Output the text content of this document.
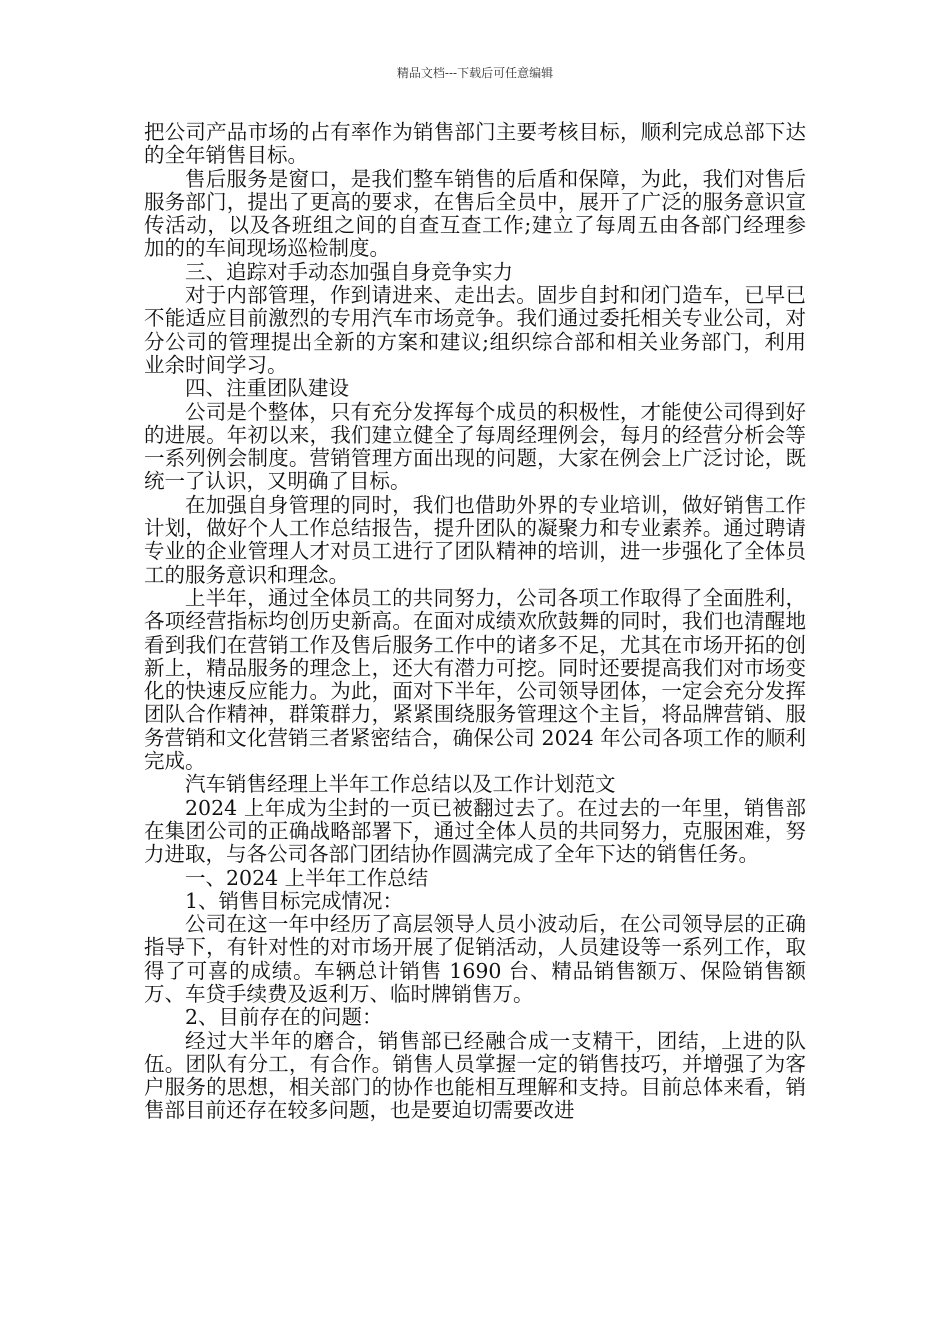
精品文档---下载后可任意编辑

把公司产品市场的占有率作为销售部门主要考核目标，顺利完成总部下达的全年销售目标。

售后服务是窗口，是我们整车销售的后盾和保障，为此，我们对售后服务部门，提出了更高的要求，在售后全员中，展开了广泛的服务意识宣传活动，以及各班组之间的自查互查工作;建立了每周五由各部门经理参加的的车间现场巡检制度。

三、追踪对手动态加强自身竞争实力

对于内部管理，作到请进来、走出去。固步自封和闭门造车，已早已不能适应目前激烈的专用汽车市场竞争。我们通过委托相关专业公司，对分公司的管理提出全新的方案和建议;组织综合部和相关业务部门，利用业余时间学习。

四、注重团队建设

公司是个整体，只有充分发挥每个成员的积极性，才能使公司得到好的进展。年初以来，我们建立健全了每周经理例会，每月的经营分析会等一系列例会制度。营销管理方面出现的问题，大家在例会上广泛讨论，既统一了认识，又明确了目标。

在加强自身管理的同时，我们也借助外界的专业培训，做好销售工作计划，做好个人工作总结报告，提升团队的凝聚力和专业素养。通过聘请专业的企业管理人才对员工进行了团队精神的培训，进一步强化了全体员工的服务意识和理念。

上半年，通过全体员工的共同努力，公司各项工作取得了全面胜利，各项经营指标均创历史新高。在面对成绩欢欣鼓舞的同时，我们也清醒地看到我们在营销工作及售后服务工作中的诸多不足，尤其在市场开拓的创新上，精品服务的理念上，还大有潜力可挖。同时还要提高我们对市场变化的快速反应能力。为此，面对下半年，公司领导团体，一定会充分发挥团队合作精神，群策群力，紧紧围绕服务管理这个主旨，将品牌营销、服务营销和文化营销三者紧密结合，确保公司 2024 年公司各项工作的顺利完成。

汽车销售经理上半年工作总结以及工作计划范文

2024 上年成为尘封的一页已被翻过去了。在过去的一年里，销售部在集团公司的正确战略部署下，通过全体人员的共同努力，克服困难，努力进取，与各公司各部门团结协作圆满完成了全年下达的销售任务。

一、2024 上半年工作总结

1、销售目标完成情况：

公司在这一年中经历了高层领导人员小波动后，在公司领导层的正确指导下，有针对性的对市场开展了促销活动，人员建设等一系列工作，取得了可喜的成绩。车辆总计销售 1690 台、精品销售额万、保险销售额万、车贷手续费及返利万、临时牌销售万。

2、目前存在的问题：

经过大半年的磨合，销售部已经融合成一支精干，团结，上进的队伍。团队有分工，有合作。销售人员掌握一定的销售技巧，并增强了为客户服务的思想，相关部门的协作也能相互理解和支持。目前总体来看，销售部目前还存在较多问题，也是要迫切需要改进
